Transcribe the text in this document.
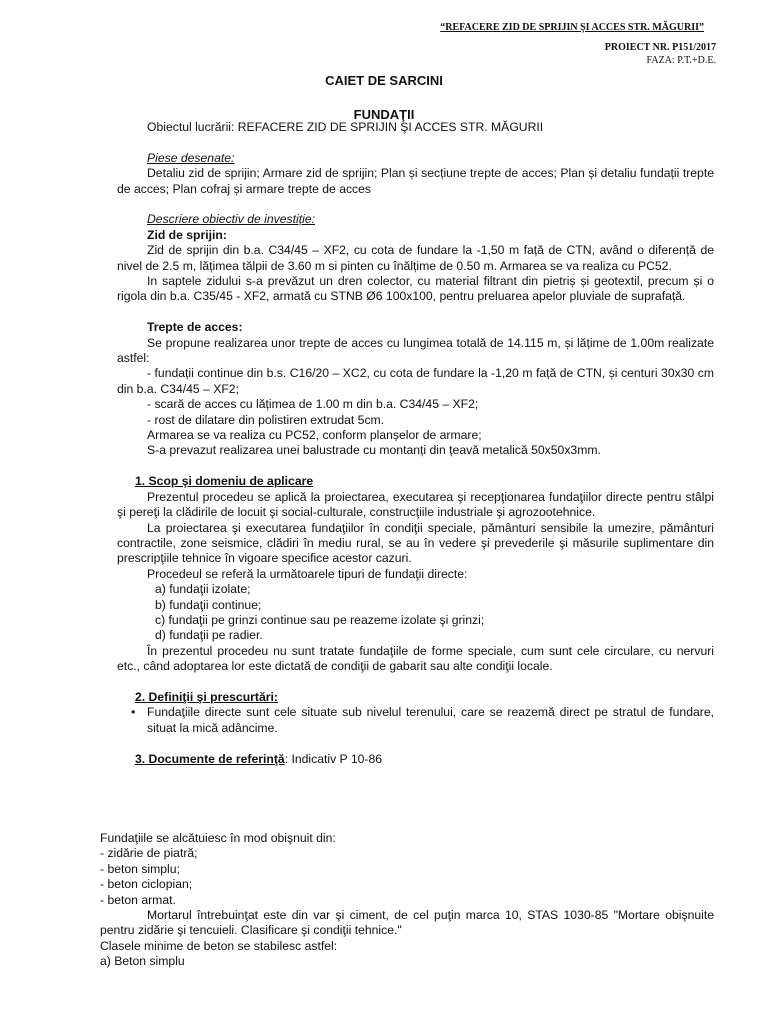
“REFACERE ZID DE SPRIJIN ŞI ACCES STR. MĂGURII”
PROIECT NR. P151/2017
FAZA: P.T.+D.E.
CAIET DE SARCINI
FUNDAŢII

Obiectul lucrării: REFACERE ZID DE SPRIJIN ŞI ACCES STR. MĂGURII

Piese desenate:

Detaliu zid de sprijin; Armare zid de sprijin; Plan și secțiune trepte de acces; Plan și detaliu fundații trepte de acces; Plan cofraj și armare trepte de acces

Descriere obiectiv de investiție:

Zid de sprijin:

Zid de sprijin din b.a. C34/45 – XF2, cu cota de fundare la -1,50 m față de CTN, având o diferență de nivel de 2.5 m, lățimea tălpii de 3.60 m si pinten cu înălțime de 0.50 m. Armarea se va realiza cu PC52.

In saptele zidului s-a prevăzut un dren colector, cu material filtrant din pietriș și geotextil, precum și o rigola din b.a. C35/45 - XF2, armată cu STNB Ø6 100x100, pentru preluarea apelor pluviale de suprafață.

Trepte de acces:

Se propune realizarea unor trepte de acces cu lungimea totală de 14.115 m, și lățime de 1.00m realizate astfel:

- fundații continue din b.s. C16/20 – XC2, cu cota de fundare la -1,20 m față de CTN, și centuri 30x30 cm din b.a. C34/45 – XF2;

- scară de acces cu lățimea de 1.00 m din b.a. C34/45 – XF2;

- rost de dilatare din polistiren extrudat 5cm.

Armarea se va realiza cu PC52, conform planșelor de armare;

S-a prevazut realizarea unei balustrade cu montanți din țeavă metalică 50x50x3mm.

1. Scop şi domeniu de aplicare

Prezentul procedeu se aplică la proiectarea, executarea şi recepţionarea fundaţiilor directe pentru stâlpi şi pereţi la clădirile de locuit şi social-culturale, construcţiile industriale şi agrozootehnice.

La proiectarea şi executarea fundaţiilor în condiţii speciale, pământuri sensibile la umezire, pământuri contractile, zone seismice, clădiri în mediu rural, se au în vedere şi prevederile şi măsurile suplimentare din prescripţiile tehnice în vigoare specifice acestor cazuri.

Procedeul se referă la următoarele tipuri de fundaţii directe:

a) fundaţii izolate;

b) fundaţii continue;

c) fundaţii pe grinzi continue sau pe reazeme izolate şi grinzi;

d) fundaţii pe radier.

În prezentul procedeu nu sunt tratate fundaţiile de forme speciale, cum sunt cele circulare, cu nervuri etc., când adoptarea lor este dictată de condiţii de gabarit sau alte condiţii locale.

2. Definiţii şi prescurtări:

• Fundaţiile directe sunt cele situate sub nivelul terenului, care se reazemă direct pe stratul de fundare, situat la mică adâncime.

3. Documente de referinţă: Indicativ P 10-86

Fundaţiile se alcătuiesc în mod obişnuit din:

- zidărie de piatră;

- beton simplu;

- beton ciclopian;

- beton armat.

Mortarul întrebuinţat este din var şi ciment, de cel puţin marca 10, STAS 1030-85 "Mortare obişnuite pentru zidărie şi tencuieli. Clasificare şi condiţii tehnice."

Clasele minime de beton se stabilesc astfel:

a) Beton simplu
